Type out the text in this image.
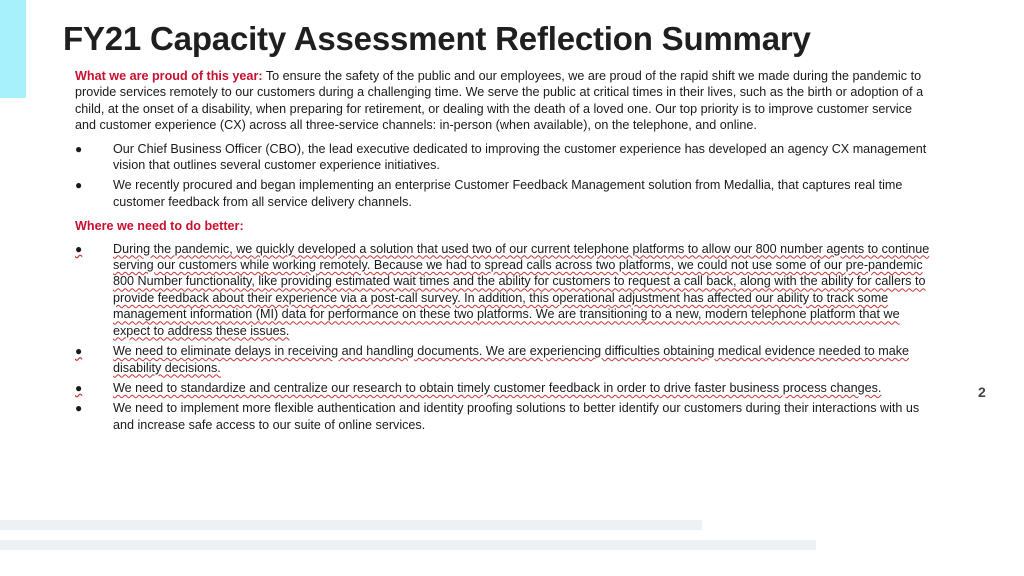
FY21 Capacity Assessment Reflection Summary

What we are proud of this year: To ensure the safety of the public and our employees, we are proud of the rapid shift we made during the pandemic to provide services remotely to our customers during a challenging time. We serve the public at critical times in their lives, such as the birth or adoption of a child, at the onset of a disability, when preparing for retirement, or dealing with the death of a loved one. Our top priority is to improve customer service and customer experience (CX) across all three-service channels: in-person (when available), on the telephone, and online.

● Our Chief Business Officer (CBO), the lead executive dedicated to improving the customer experience has developed an agency CX management vision that outlines several customer experience initiatives.
● We recently procured and began implementing an enterprise Customer Feedback Management solution from Medallia, that captures real time customer feedback from all service delivery channels.

Where we need to do better:

● During the pandemic, we quickly developed a solution that used two of our current telephone platforms to allow our 800 number agents to continue serving our customers while working remotely. Because we had to spread calls across two platforms, we could not use some of our pre-pandemic 800 Number functionality, like providing estimated wait times and the ability for customers to request a call back, along with the ability for callers to provide feedback about their experience via a post-call survey. In addition, this operational adjustment has affected our ability to track some management information (MI) data for performance on these two platforms. We are transitioning to a new, modern telephone platform that we expect to address these issues.
● We need to eliminate delays in receiving and handling documents. We are experiencing difficulties obtaining medical evidence needed to make disability decisions.
● We need to standardize and centralize our research to obtain timely customer feedback in order to drive faster business process changes.
● We need to implement more flexible authentication and identity proofing solutions to better identify our customers during their interactions with us and increase safe access to our suite of online services.
2
